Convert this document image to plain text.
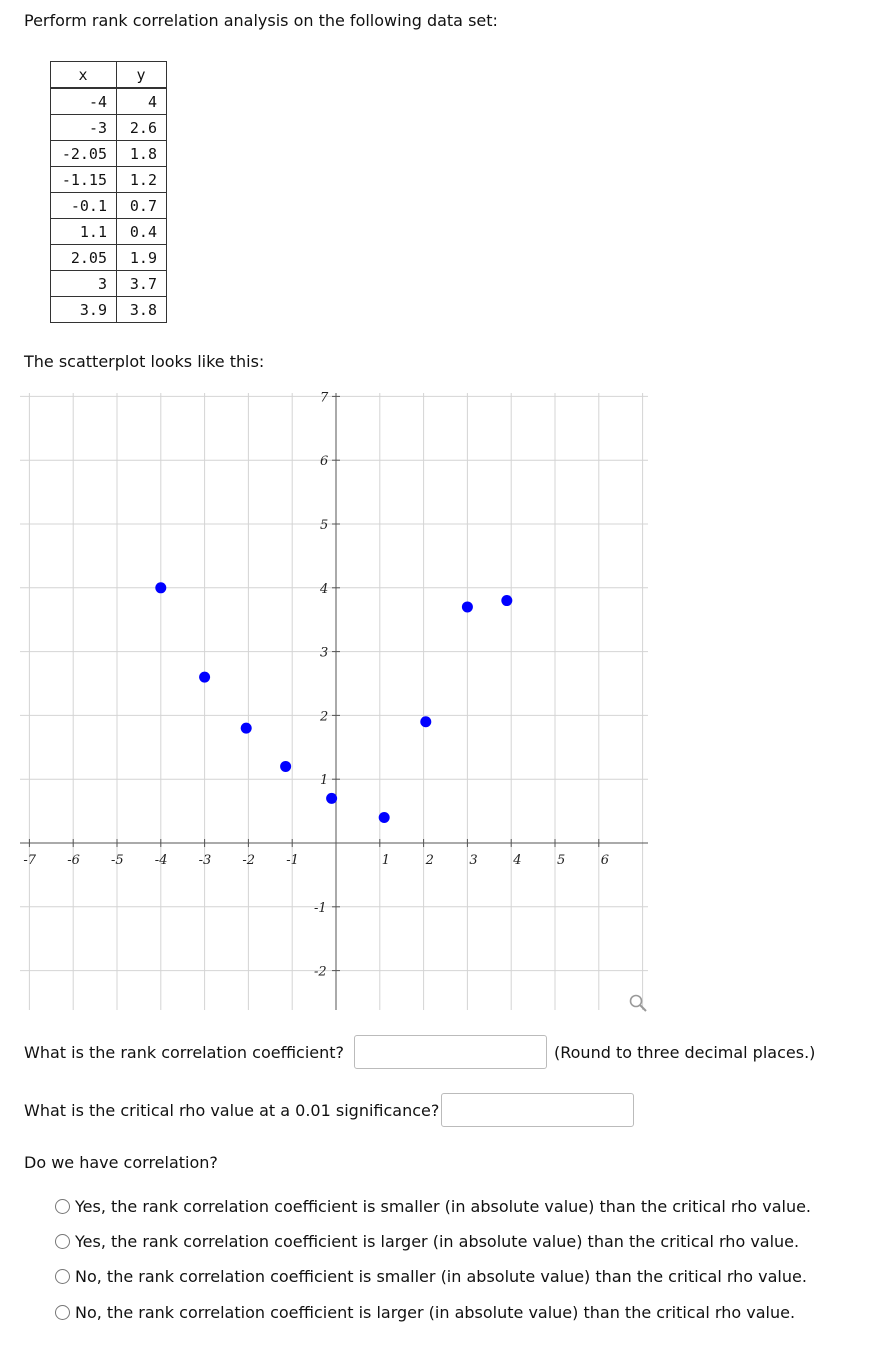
Perform rank correlation analysis on the following data set:
x	y
-4	4
-3	2.6
-2.05	1.8
-1.15	1.2
-0.1	0.7
1.1	0.4
2.05	1.9
3	3.7
3.9	3.8
The scatterplot looks like this:
-7 -6 -5 -4 -3 -2 -1	1	2	3	4	5	6
7
6
5
4
3
2
1
-1
-2
What is the rank correlation coefficient?	(Round to three decimal places.)
What is the critical rho value at a 0.01 significance?
Do we have correlation?
Yes, the rank correlation coefficient is smaller (in absolute value) than the critical rho value.
Yes, the rank correlation coefficient is larger (in absolute value) than the critical rho value.
No, the rank correlation coefficient is smaller (in absolute value) than the critical rho value.
No, the rank correlation coefficient is larger (in absolute value) than the critical rho value.
